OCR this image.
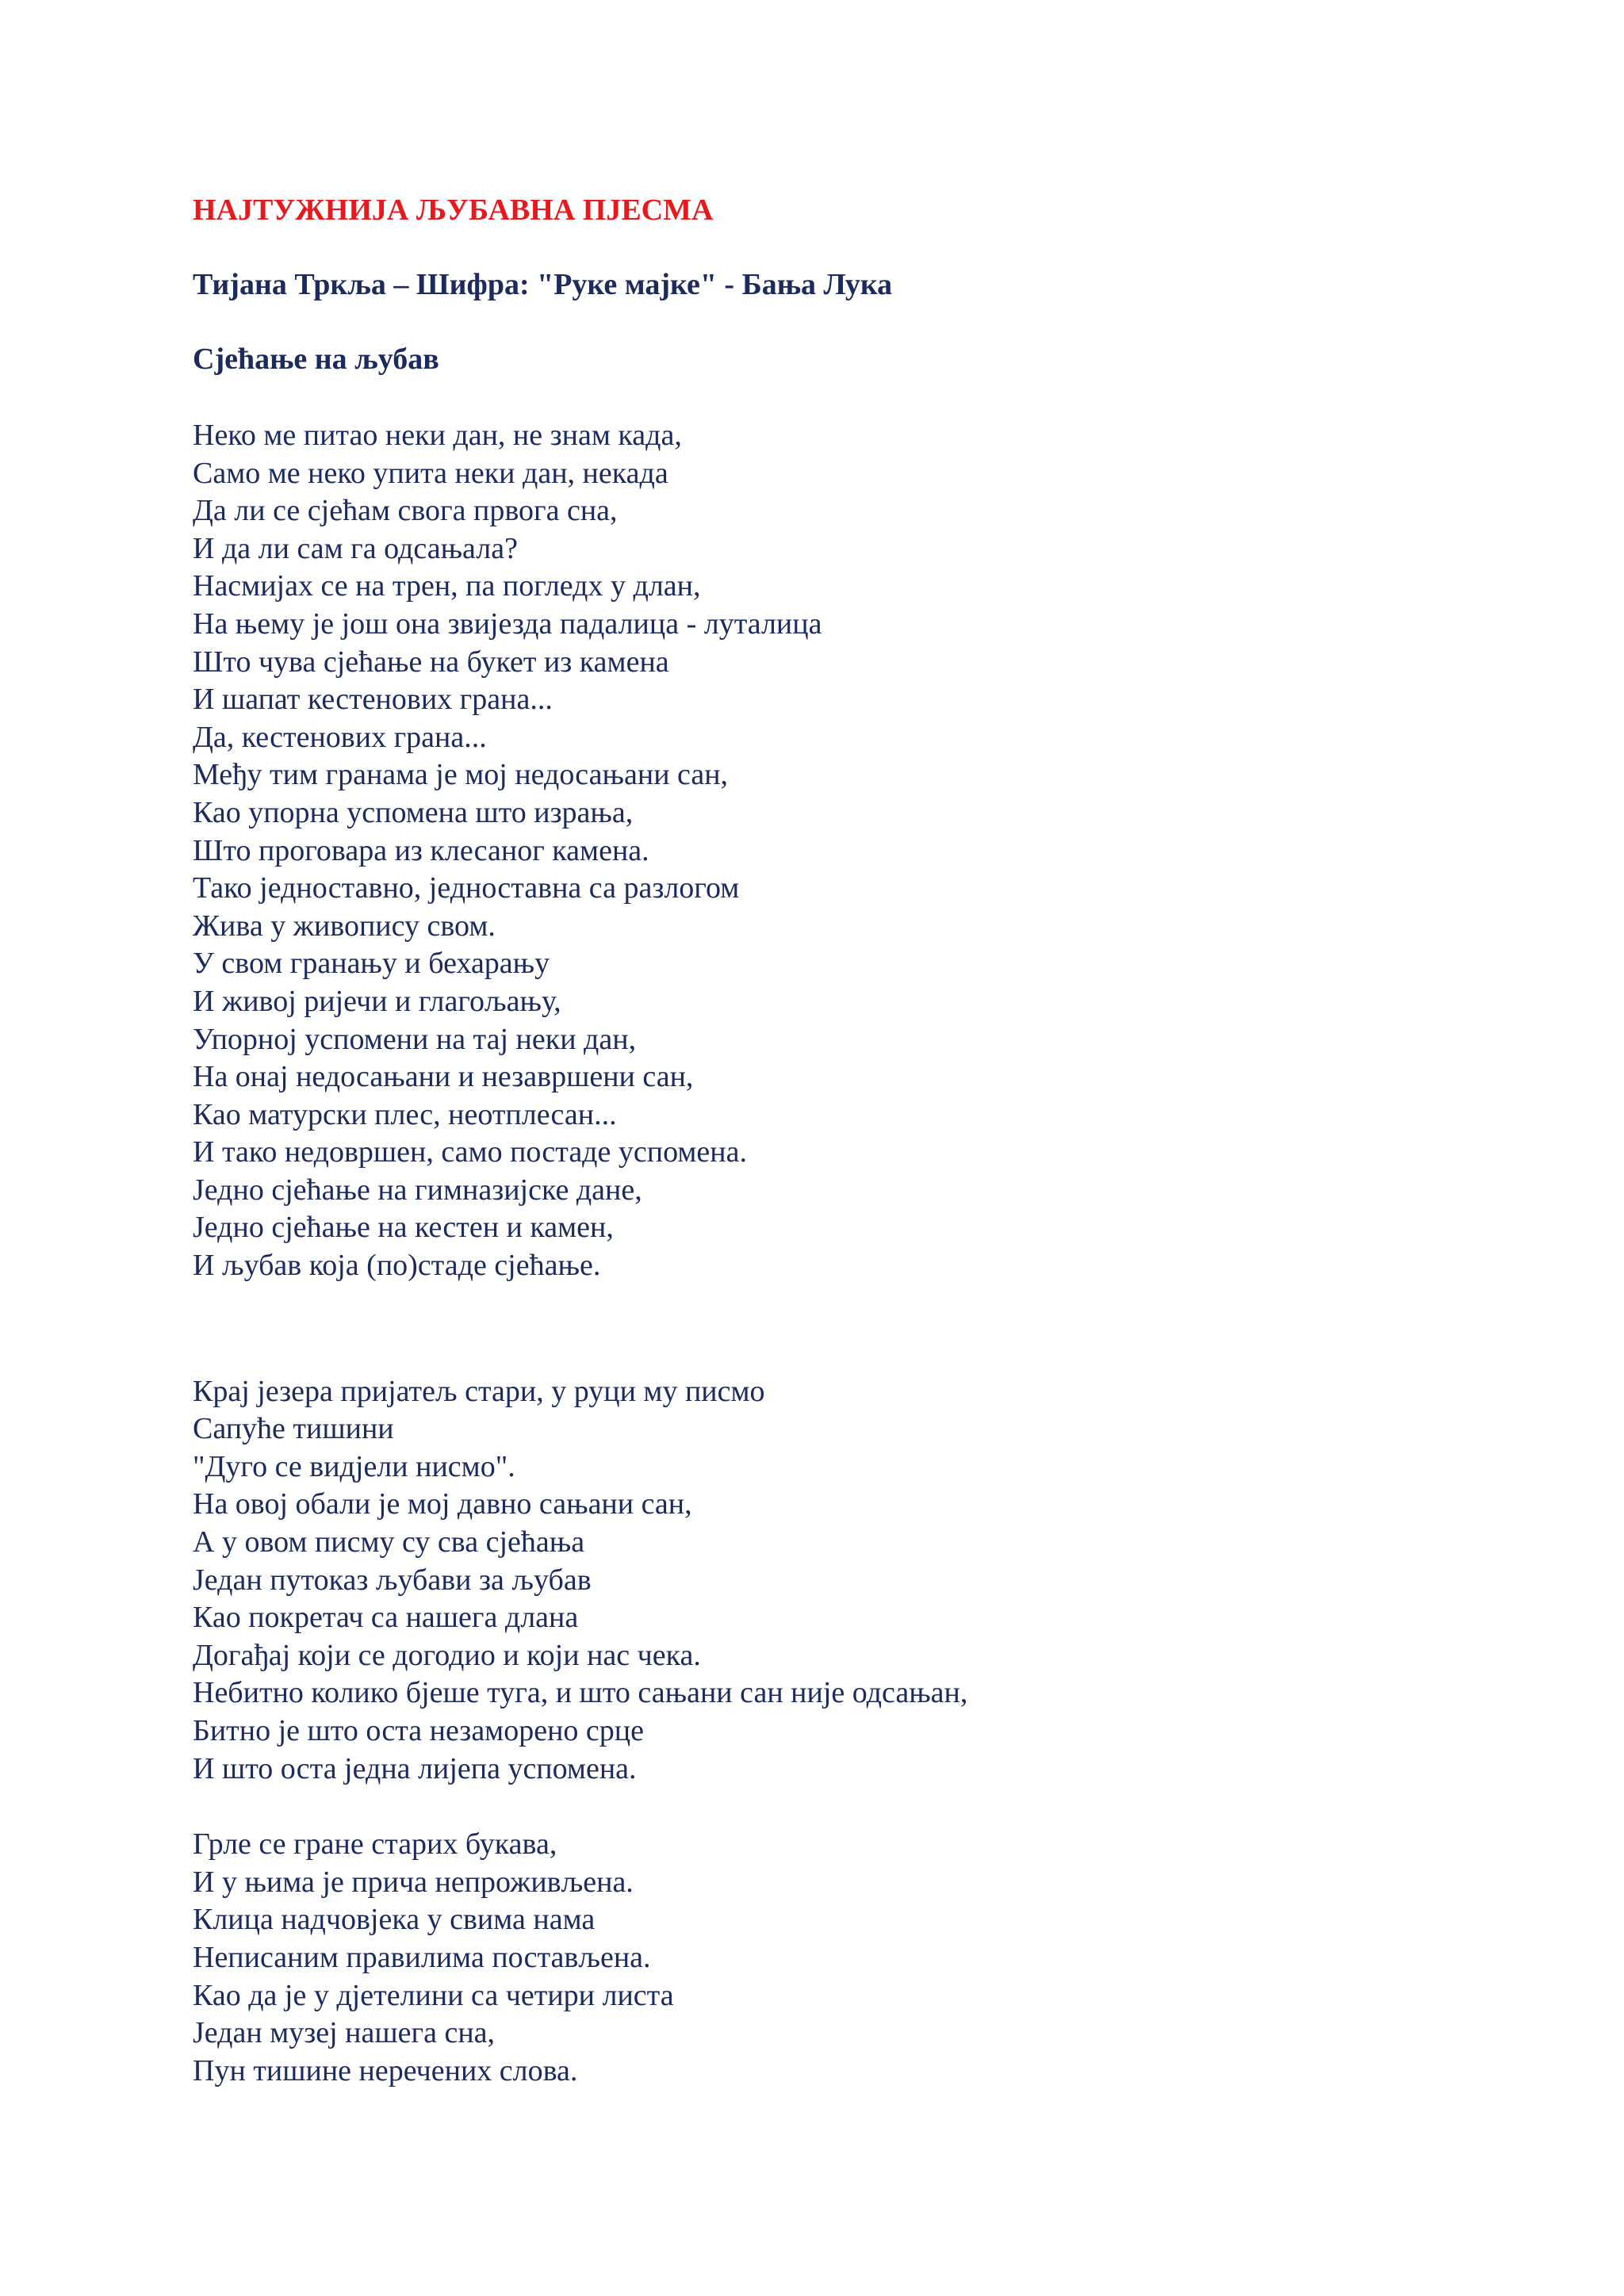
НАЈТУЖНИЈА ЉУБАВНА ПЈЕСМА
Тијана Тркља – Шифра: "Руке мајке" - Бања Лука
Сјећање на љубав
Неко ме питао неки дан, не знам када,
Само ме неко упита неки дан, некада
Да ли се сјећам свога првога сна,
И да ли сам га одсањала?
Насмијах се на трен, па погледх у длан,
На њему је још она звијезда падалица - луталица
Што чува сјећање на букет из камена
И шапат кестенових грана...
Да, кестенових грана...
Међу тим гранама је мој недосањани сан,
Као упорна успомена што израња,
Што проговара из клесаног камена.
Тако једноставно, једноставна са разлогом
Жива у живопису свом.
У свом гранању и бехарању
И живој ријечи и глагољању,
Упорној успомени на тај неки дан,
На онај недосањани и незавршени сан,
Као матурски плес, неотплесан...
И тако недовршен, само постаде успомена.
Једно сјећање на гимназијске дане,
Једно сјећање на кестен и камен,
И љубав која (по)стаде сјећање.
Крај језера пријатељ стари, у руци му писмо
Сапуће тишини
"Дуго се видјели нисмо".
На овој обали је мој давно сањани сан,
А у овом писму су сва сјећања
Један путоказ љубави за љубав
Као покретач са нашега длана
Догађај који се догодио и који нас чека.
Небитно колико бјеше туга, и што сањани сан није одсањан,
Битно је што оста незаморено срце
И што оста једна лијепа успомена.
Грле се гране старих букава,
И у њима је прича непроживљена.
Клица надчовјека у свима нама
Неписаним правилима постављена.
Као да је у дјетелини са четири листа
Један музеј нашега сна,
Пун тишине неречених слова.
